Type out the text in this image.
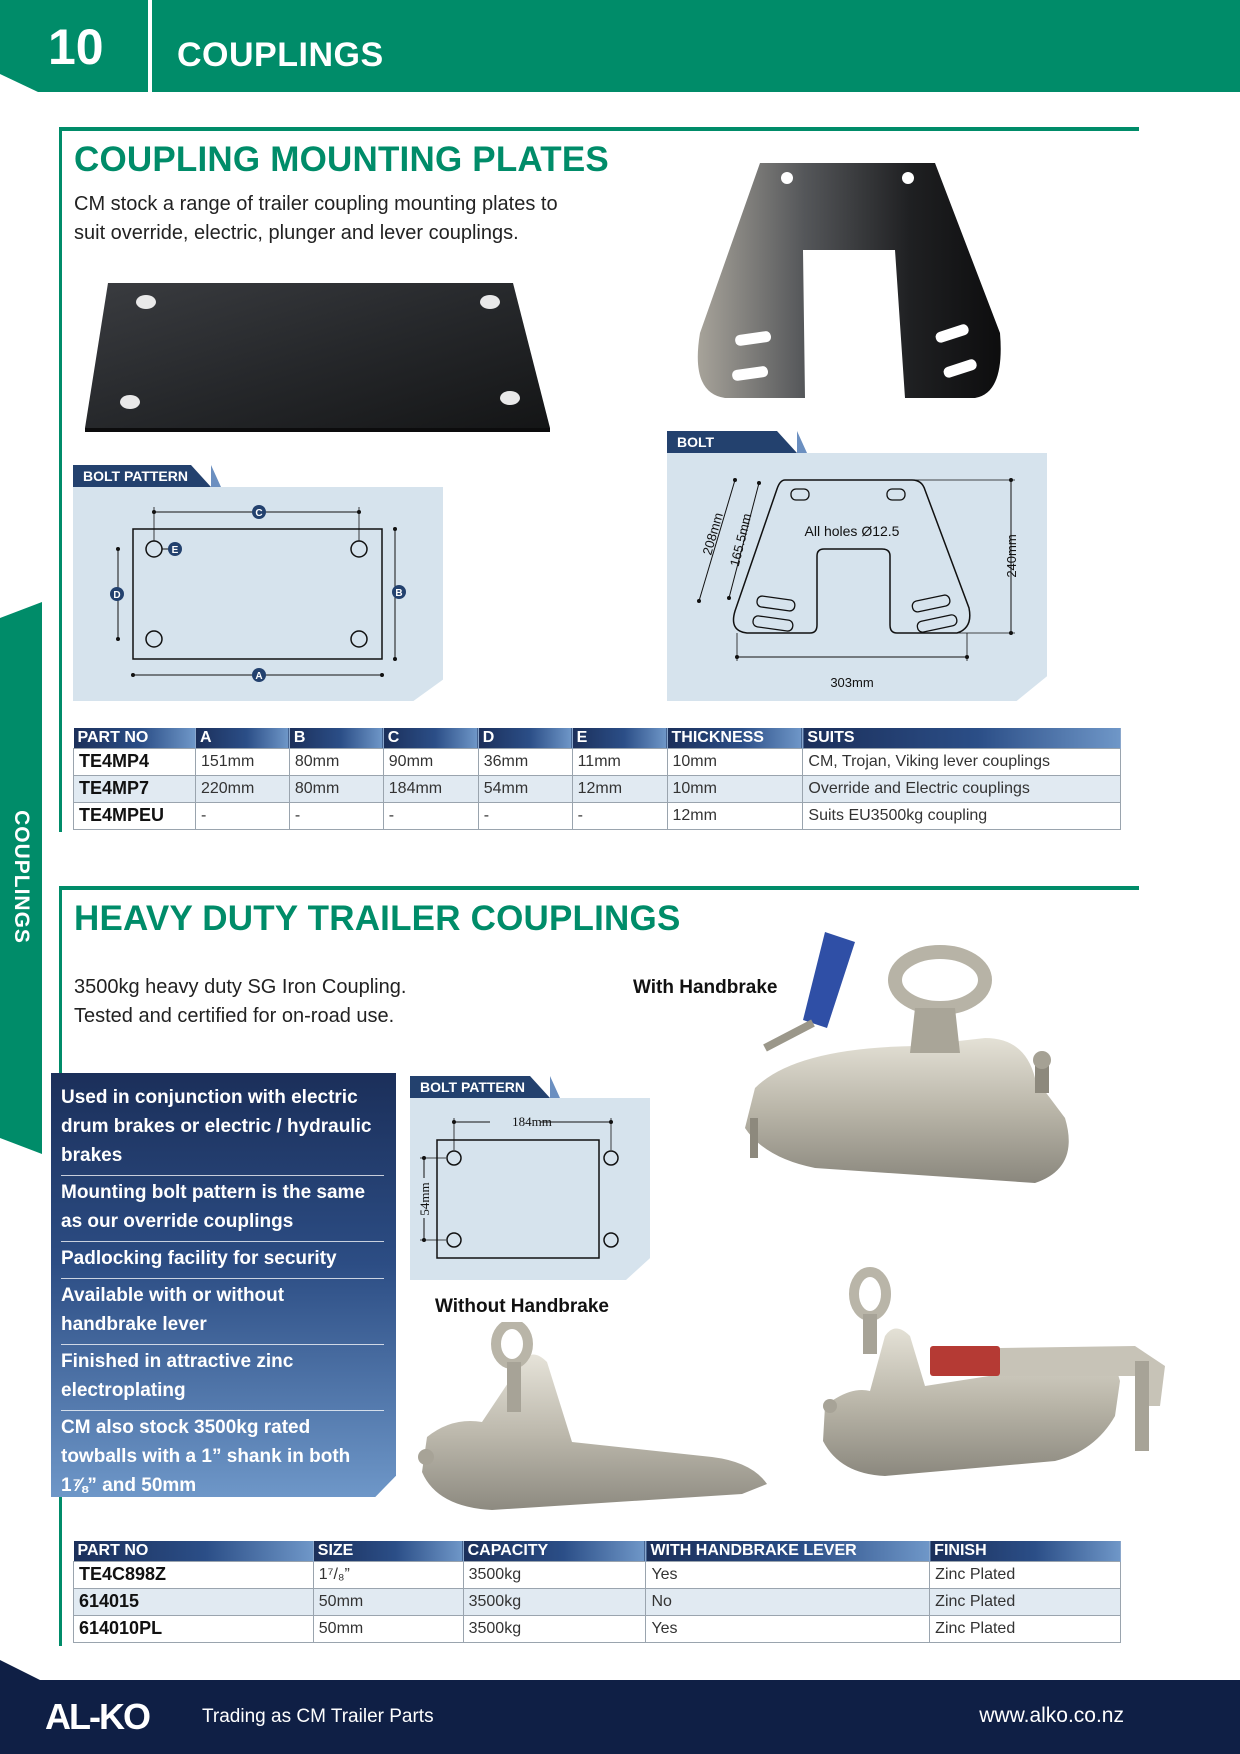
10 COUPLINGS
COUPLINGS
COUPLING MOUNTING PLATES
CM stock a range of trailer coupling mounting plates to
suit override, electric, plunger and lever couplings.
BOLT PATTERN
C
A
B
D
E
BOLT
All holes Ø12.5
303mm
240mm
208mm 165.5mm
PART NO	A	B	C	D	E	THICKNESS	SUITS
TE4MP4	151mm	80mm	90mm	36mm	11mm	10mm	CM, Trojan, Viking lever couplings
TE4MP7	220mm	80mm	184mm	54mm	12mm	10mm	Override and Electric couplings
TE4MPEU	-	-	-	-	-	12mm	Suits EU3500kg coupling
HEAVY DUTY TRAILER COUPLINGS
3500kg heavy duty SG Iron Coupling.
Tested and certified for on-road use.
Used in conjunction with electric drum brakes or electric / hydraulic brakes
Mounting bolt pattern is the same as our override couplings
Padlocking facility for security
Available with or without handbrake lever
Finished in attractive zinc electroplating
CM also stock 3500kg rated towballs with a 1” shank in both 1⅞” and 50mm
BOLT PATTERN
184mm
54mm
With Handbrake
Without Handbrake
PART NO	SIZE	CAPACITY	WITH HANDBRAKE LEVER	FINISH
TE4C898Z	1⁷/₈”	3500kg	Yes	Zinc Plated
614015	50mm	3500kg	No	Zinc Plated
614010PL	50mm	3500kg	Yes	Zinc Plated
AL-KO	Trading as CM Trailer Parts	www.alko.co.nz
